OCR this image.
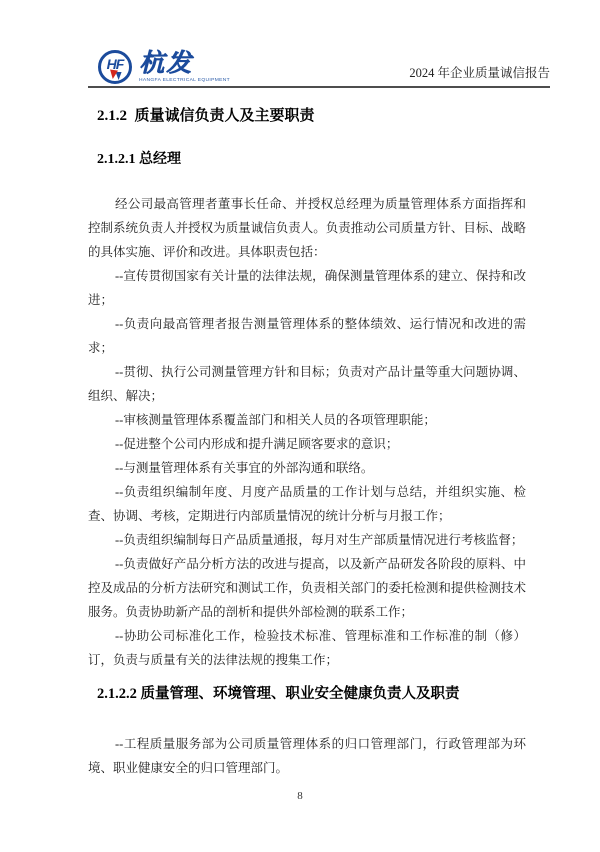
HF 杭发
HANGFA ELECTRICAL EQUIPMENT	2024 年企业质量诚信报告
2.1.2  质量诚信负责人及主要职责
2.1.2.1 总经理

经公司最高管理者董事长任命、并授权总经理为质量管理体系方面指挥和控制系统负责人并授权为质量诚信负责人。负责推动公司质量方针、目标、战略的具体实施、评价和改进。具体职责包括：

--宣传贯彻国家有关计量的法律法规，确保测量管理体系的建立、保持和改进；

--负责向最高管理者报告测量管理体系的整体绩效、运行情况和改进的需求；

--贯彻、执行公司测量管理方针和目标；负责对产品计量等重大问题协调、组织、解决；

--审核测量管理体系覆盖部门和相关人员的各项管理职能；

--促进整个公司内形成和提升满足顾客要求的意识；

--与测量管理体系有关事宜的外部沟通和联络。

--负责组织编制年度、月度产品质量的工作计划与总结，并组织实施、检查、协调、考核，定期进行内部质量情况的统计分析与月报工作；

--负责组织编制每日产品质量通报，每月对生产部质量情况进行考核监督；

--负责做好产品分析方法的改进与提高，以及新产品研发各阶段的原料、中控及成品的分析方法研究和测试工作，负责相关部门的委托检测和提供检测技术服务。负责协助新产品的剖析和提供外部检测的联系工作；

--协助公司标准化工作，检验技术标准、管理标准和工作标准的制（修）订，负责与质量有关的法律法规的搜集工作；

2.1.2.2 质量管理、环境管理、职业安全健康负责人及职责

--工程质量服务部为公司质量管理体系的归口管理部门，行政管理部为环境、职业健康安全的归口管理部门。

8
